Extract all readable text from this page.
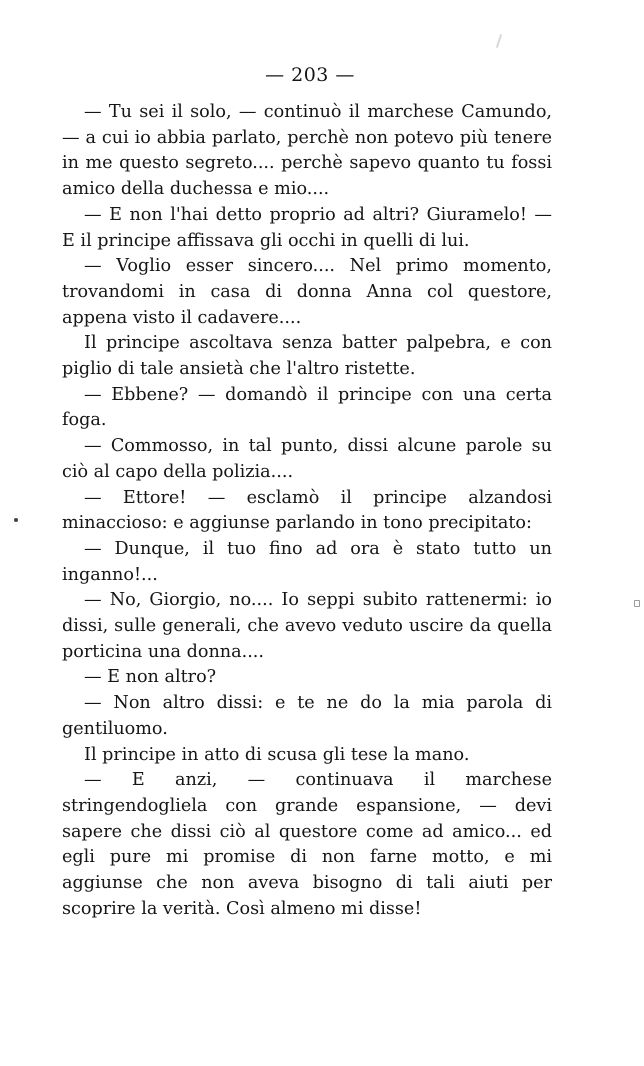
— 203 —

— Tu sei il solo, — continuò il marchese Camundo, — a cui io abbia parlato, perchè non potevo più tenere in me questo segreto.... perchè sapevo quanto tu fossi amico della duchessa e mio....

— E non l'hai detto proprio ad altri? Giuramelo! — E il principe affissava gli occhi in quelli di lui.

— Voglio esser sincero.... Nel primo momento, trovandomi in casa di donna Anna col questore, appena visto il cadavere....

Il principe ascoltava senza batter palpebra, e con piglio di tale ansietà che l'altro ristette.

— Ebbene? — domandò il principe con una certa foga.

— Commosso, in tal punto, dissi alcune parole su ciò al capo della polizia....

— Ettore! — esclamò il principe alzandosi minaccioso: e aggiunse parlando in tono precipitato:

— Dunque, il tuo fino ad ora è stato tutto un inganno!...

— No, Giorgio, no.... Io seppi subito rattenermi: io dissi, sulle generali, che avevo veduto uscire da quella porticina una donna....

— E non altro?

— Non altro dissi: e te ne do la mia parola di gentiluomo.

Il principe in atto di scusa gli tese la mano.

— E anzi, — continuava il marchese stringendogliela con grande espansione, — devi sapere che dissi ciò al questore come ad amico... ed egli pure mi promise di non farne motto, e mi aggiunse che non aveva bisogno di tali aiuti per scoprire la verità. Così almeno mi disse!
